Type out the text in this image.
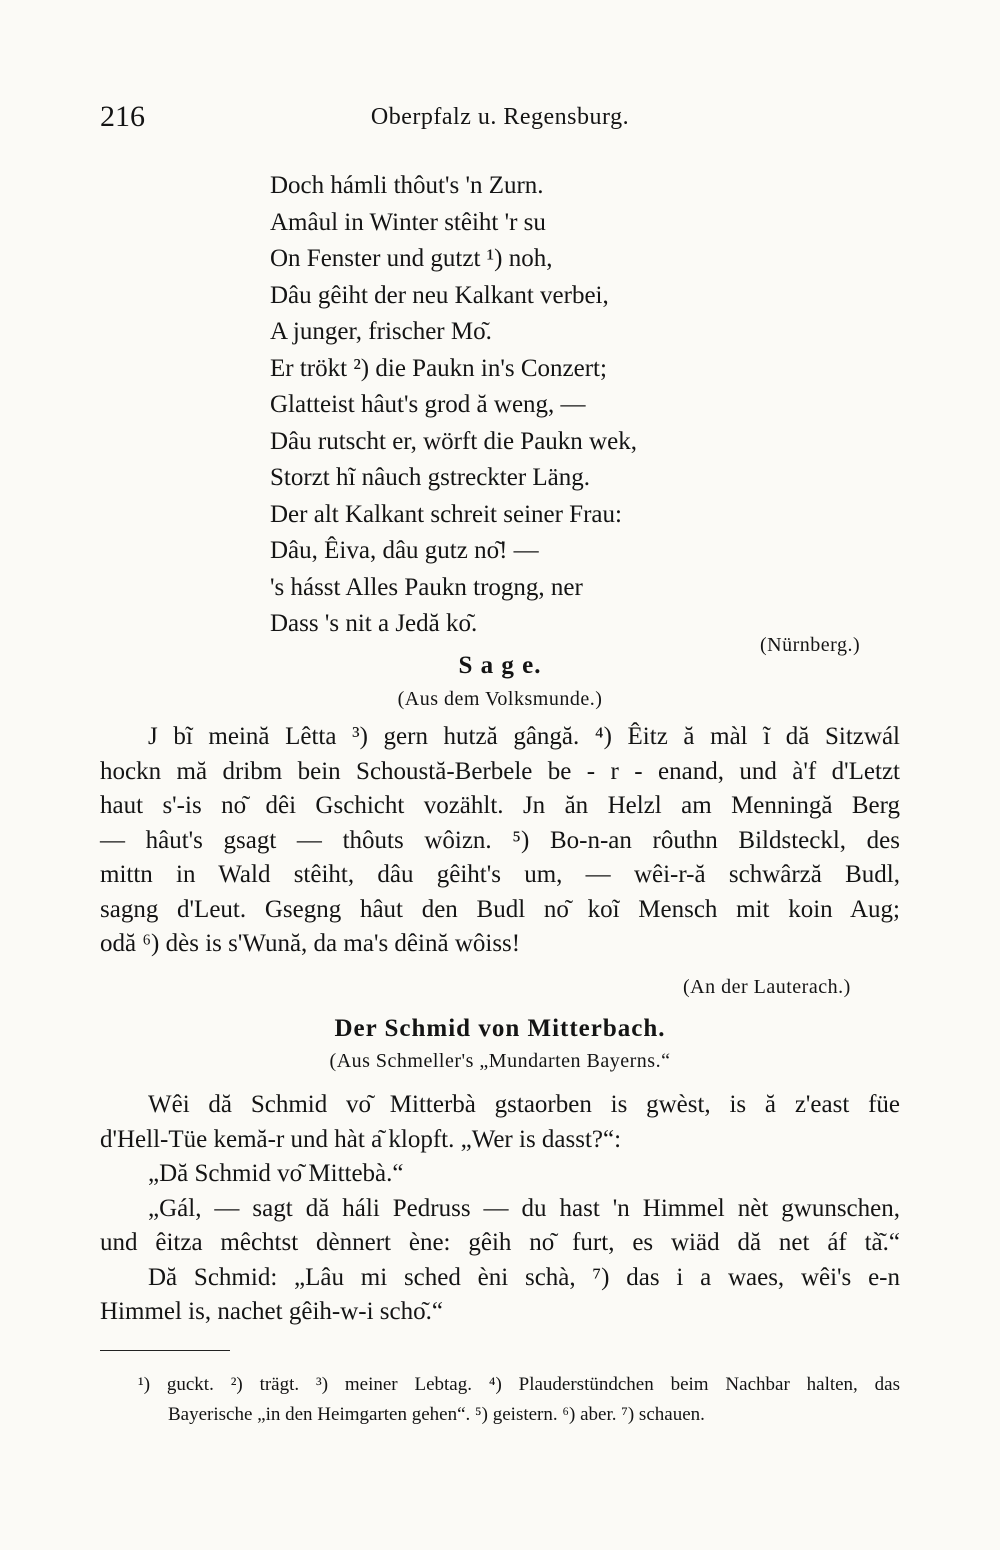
216	Oberpfalz u. Regensburg.
Doch hámli thôut's 'n Zurn.
Amâul in Winter stêiht 'r su
On Fenster und gutzt ¹) noh,
Dâu gêiht der neu Kalkant verbei,
A junger, frischer Mo͂.
Er trökt ²) die Paukn in's Conzert;
Glatteist hâut's grod ă weng, —
Dâu rutscht er, wörft die Paukn wek,
Storzt hĩ nâuch gstreckter Läng.
Der alt Kalkant schreit seiner Frau:
Dâu, Êiva, dâu gutz no͂! —
's hásst Alles Paukn trogng, ner
Dass 's nit a Jedă ko͂.
(Nürnberg.)
S a g e.
(Aus dem Volksmunde.)
J bĩ meină Lêtta ³) gern hutză gângă. ⁴) Êitz ă màl ĩ dă Sitzwál
hockn mă dribm bein Schoustă-Berbele be - r - enand, und à'f d'Letzt
haut s'-is no͂ dêi Gschicht vozählt. Jn ăn Helzl am Menningă Berg
— hâut's gsagt — thôuts wôizn. ⁵) Bo-n-an rôuthn Bildsteckl, des
mittn in Wald stêiht, dâu gêiht's um, — wêi-r-ă schwârză Budl,
sagng d'Leut. Gsegng hâut den Budl no͂ koĩ Mensch mit koin Aug;
odă ⁶) dès is s'Wună, da ma's dêină wôiss!
(An der Lauterach.)
Der Schmid von Mitterbach.
(Aus Schmeller's „Mundarten Bayerns.“
Wêi dă Schmid vo͂ Mitterbà gstaorben is gwèst, is ă z'east füe
d'Hell-Tüe kemă-r und hàt a͂ klopft. „Wer is dasst?“:
„Dă Schmid vo͂ Mittebà.“
„Gál, — sagt dă háli Pedruss — du hast 'n Himmel nèt gwunschen,
und êitza mêchtst dènnert ène: gêih no͂ furt, es wiäd dă net áf tà͂.“
Dă Schmid: „Lâu mi sched èni schà, ⁷) das i a waes, wêi's e-n
Himmel is, nachet gêih-w-i scho͂.“
¹) guckt. ²) trägt. ³) meiner Lebtag. ⁴) Plauderstündchen beim Nachbar halten, das
Bayerische „in den Heimgarten gehen“. ⁵) geistern. ⁶) aber. ⁷) schauen.
